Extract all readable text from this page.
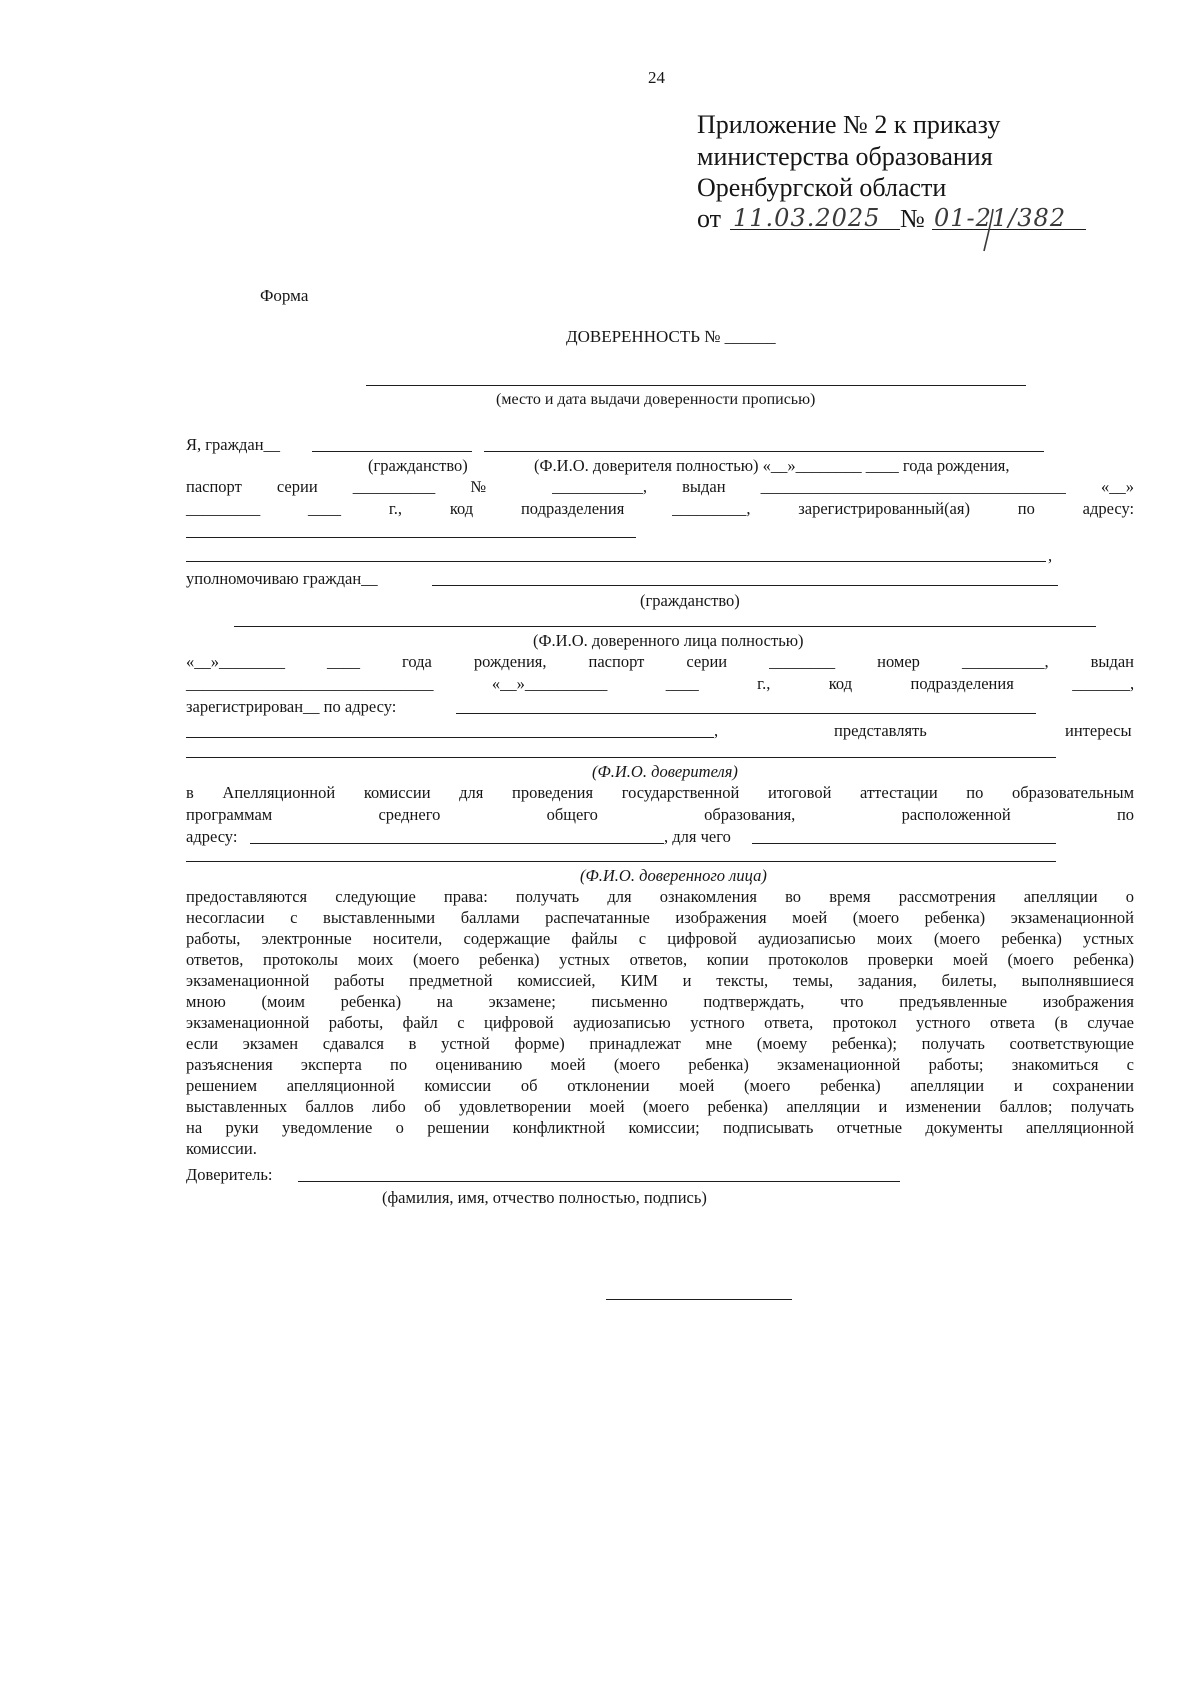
24
Приложение № 2 к приказу
министерства образования
Оренбургской области
от 11.03.2025 № 01-21/382
Форма
ДОВЕРЕННОСТЬ № ______
(место и дата выдачи доверенности прописью)
Я, граждан__
(гражданство)	(Ф.И.О. доверителя полностью) «__»________ ____ года рождения,
паспорт серии __________ № ___________, выдан _____________________________________ «__»
_________	____	г.,	код	подразделения	_________,	зарегистрированный(ая)	по	адресу:
,
уполномочиваю граждан__
(гражданство)
(Ф.И.О. доверенного лица полностью)
«__»________	____	года	рождения,	паспорт	серии	________	номер	__________,	выдан
______________________________	«__»__________	____	г.,	код	подразделения	_______,
зарегистрирован__ по адресу:
,	представлять	интересы
(Ф.И.О. доверителя)
в Апелляционной комиссии для проведения государственной итоговой аттестации по образовательным
программам	среднего	общего	образования,	расположенной	по
адресу:	, для чего
(Ф.И.О. доверенного лица)
предоставляются следующие права: получать для ознакомления во время рассмотрения апелляции о
несогласии с выставленными баллами распечатанные изображения моей (моего ребенка) экзаменационной
работы, электронные носители, содержащие файлы с цифровой аудиозаписью моих (моего ребенка) устных
ответов, протоколы моих (моего ребенка) устных ответов, копии протоколов проверки моей (моего ребенка)
экзаменационной работы предметной комиссией, КИМ и тексты, темы, задания, билеты, выполнявшиеся
мною (моим ребенка) на экзамене; письменно подтверждать, что предъявленные изображения
экзаменационной работы, файл с цифровой аудиозаписью устного ответа, протокол устного ответа (в случае
если экзамен сдавался в устной форме) принадлежат мне (моему ребенка); получать соответствующие
разъяснения эксперта по оцениванию моей (моего ребенка) экзаменационной работы; знакомиться с
решением апелляционной комиссии об отклонении моей (моего ребенка) апелляции и сохранении
выставленных баллов либо об удовлетворении моей (моего ребенка) апелляции и изменении баллов; получать
на руки уведомление о решении конфликтной комиссии; подписывать отчетные документы апелляционной
комиссии.
Доверитель:
(фамилия, имя, отчество полностью, подпись)
